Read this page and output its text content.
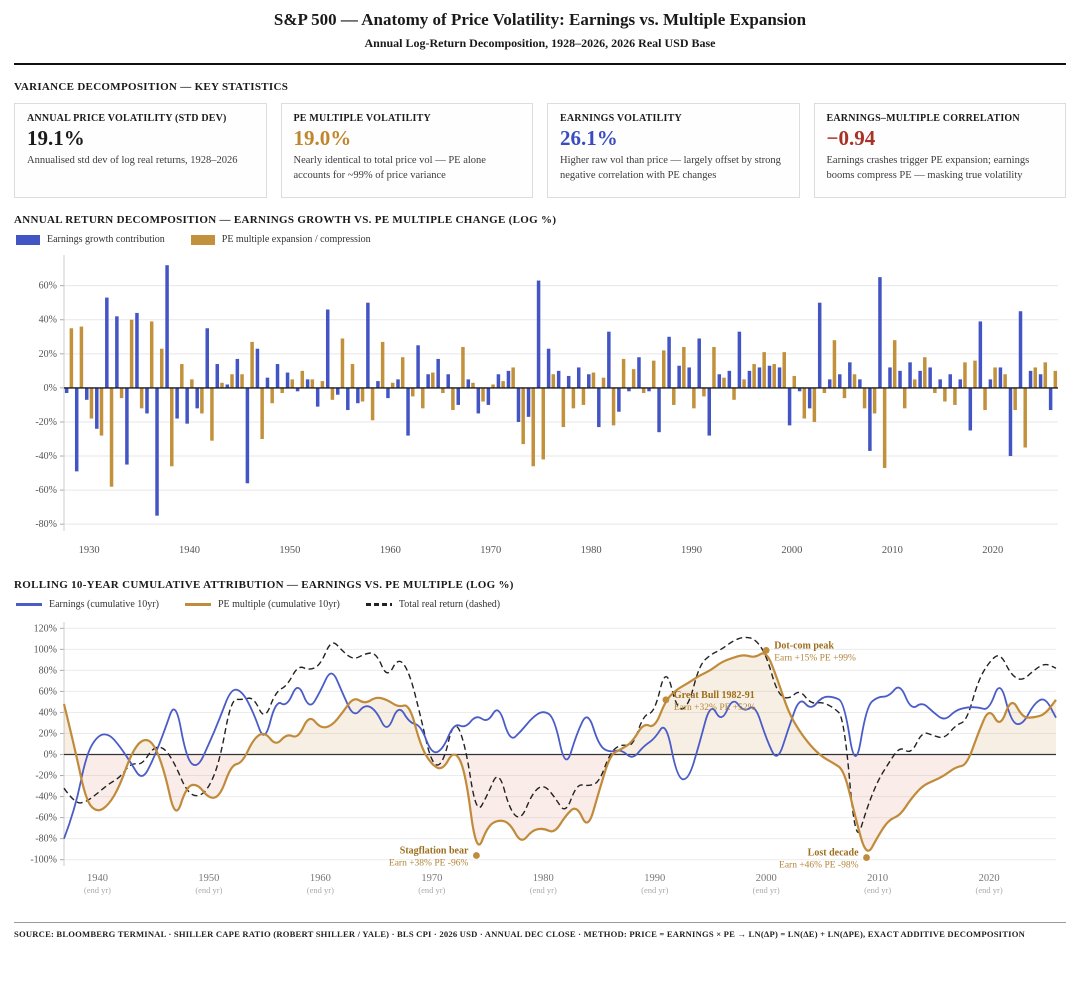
S&P 500 — Anatomy of Price Volatility: Earnings vs. Multiple Expansion
Annual Log-Return Decomposition, 1928–2026, 2026 Real USD Base
VARIANCE DECOMPOSITION — KEY STATISTICS
ANNUAL PRICE VOLATILITY (STD DEV)
19.1%
Annualised std dev of log real returns, 1928–2026
PE MULTIPLE VOLATILITY
19.0%
Nearly identical to total price vol — PE alone accounts for ~99% of price variance
EARNINGS VOLATILITY
26.1%
Higher raw vol than price — largely offset by strong negative correlation with PE changes
EARNINGS–MULTIPLE CORRELATION
−0.94
Earnings crashes trigger PE expansion; earnings booms compress PE — masking true volatility
ANNUAL RETURN DECOMPOSITION — EARNINGS GROWTH VS. PE MULTIPLE CHANGE (LOG %)
Earnings growth contribution	PE multiple expansion / compression
60%
40%
20%
0%
-20%
-40%
-60%
-80%
1930	1940	1950	1960	1970	1980	1990	2000	2010	2020
ROLLING 10-YEAR CUMULATIVE ATTRIBUTION — EARNINGS VS. PE MULTIPLE (LOG %)
Earnings (cumulative 10yr)	PE multiple (cumulative 10yr)	Total real return (dashed)
120%
100%
80%
60%
40%
20%
0%
-20%
-40%
-60%
-80%
-100%
1940
(end yr)
1950
(end yr)
1960
(end yr)
1970
(end yr)
1980
(end yr)
1990
(end yr)
2000
(end yr)
2010
(end yr)
2020
(end yr)
Stagflation bear
Earn +38% PE -96%
Great Bull 1982-91
Earn +32% PE +52%
Dot-com peak
Earn +15% PE +99%
Lost decade
Earn +46% PE -98%
SOURCE: BLOOMBERG TERMINAL · SHILLER CAPE RATIO (ROBERT SHILLER / YALE) · BLS CPI · 2026 USD · ANNUAL DEC CLOSE · METHOD: PRICE = EARNINGS × PE → LN(ΔP) = LN(ΔE) + LN(ΔPE), EXACT ADDITIVE DECOMPOSITION
